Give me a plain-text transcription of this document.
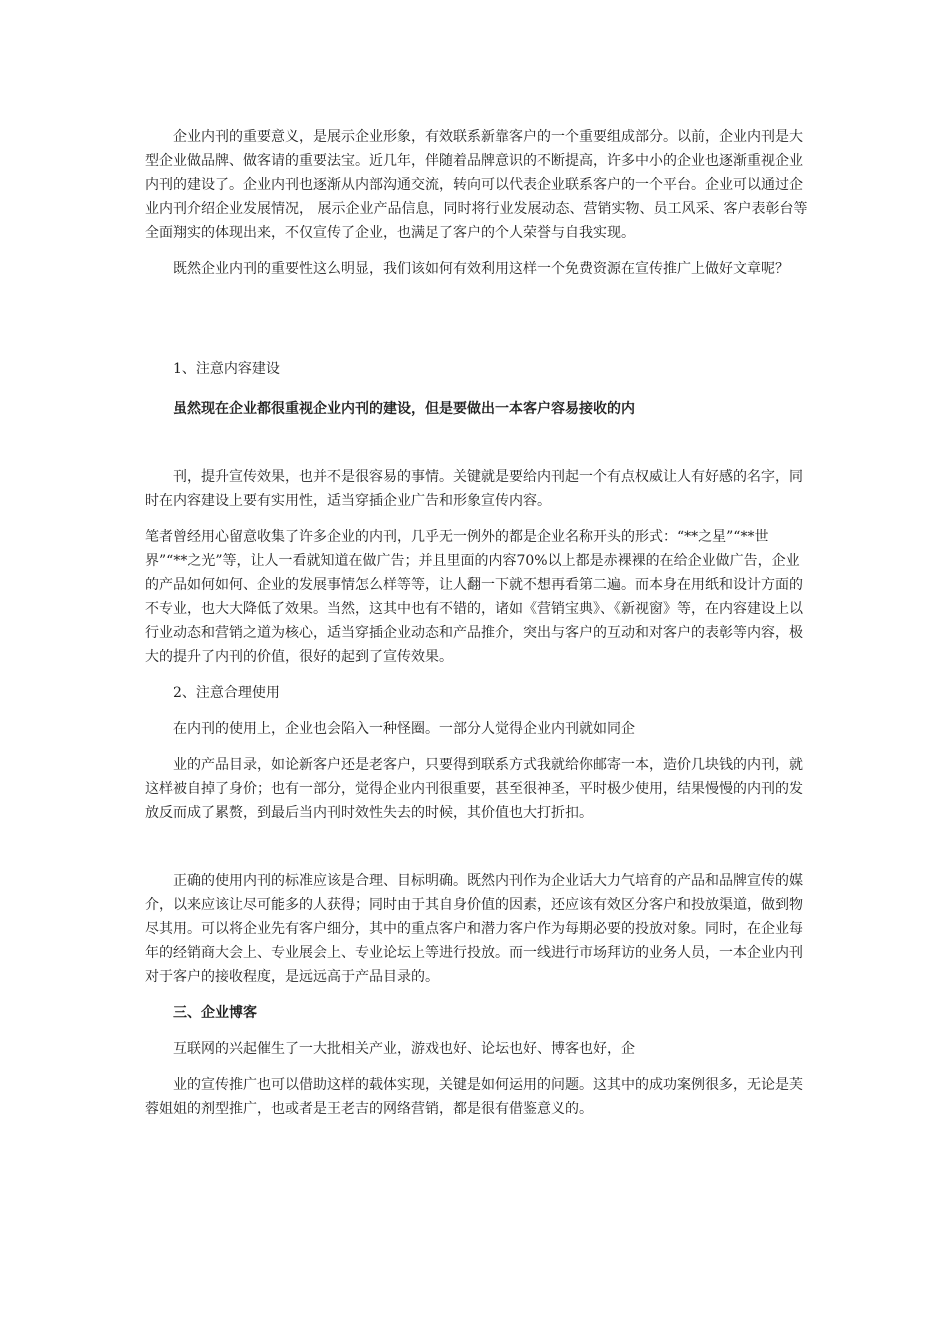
企业内刊的重要意义，是展示企业形象，有效联系新靠客户的一个重要组成部分。以前，企业内刊是大型企业做品牌、做客请的重要法宝。近几年，伴随着品牌意识的不断提高，许多中小的企业也逐渐重视企业内刊的建设了。企业内刊也逐渐从内部沟通交流，转向可以代表企业联系客户的一个平台。企业可以通过企业内刊介绍企业发展情况， 展示企业产品信息，同时将行业发展动态、营销实物、员工风采、客户表彰台等全面翔实的体现出来，不仅宣传了企业，也满足了客户的个人荣誉与自我实现。

既然企业内刊的重要性这么明显，我们该如何有效利用这样一个免费资源在宣传推广上做好文章呢？

1、注意内容建设

虽然现在企业都很重视企业内刊的建设，但是要做出一本客户容易接收的内

刊，提升宣传效果，也并不是很容易的事情。关键就是要给内刊起一个有点权威让人有好感的名字，同时在内容建设上要有实用性，适当穿插企业广告和形象宣传内容。

笔者曾经用心留意收集了许多企业的内刊，几乎无一例外的都是企业名称开头的形式：“**之星”“**世界”“**之光”等，让人一看就知道在做广告；并且里面的内容70%以上都是赤裸裸的在给企业做广告，企业的产品如何如何、企业的发展事情怎么样等等，让人翻一下就不想再看第二遍。而本身在用纸和设计方面的不专业，也大大降低了效果。当然，这其中也有不错的，诸如《营销宝典》、《新视窗》等，在内容建设上以行业动态和营销之道为核心，适当穿插企业动态和产品推介，突出与客户的互动和对客户的表彰等内容，极大的提升了内刊的价值，很好的起到了宣传效果。

2、注意合理使用

在内刊的使用上，企业也会陷入一种怪圈。一部分人觉得企业内刊就如同企

业的产品目录，如论新客户还是老客户，只要得到联系方式我就给你邮寄一本，造价几块钱的内刊，就这样被自掉了身价；也有一部分，觉得企业内刊很重要，甚至很神圣，平时极少使用，结果慢慢的内刊的发放反而成了累赘，到最后当内刊时效性失去的时候，其价值也大打折扣。

正确的使用内刊的标准应该是合理、目标明确。既然内刊作为企业话大力气培育的产品和品牌宣传的媒介，以来应该让尽可能多的人获得；同时由于其自身价值的因素，还应该有效区分客户和投放渠道，做到物尽其用。可以将企业先有客户细分，其中的重点客户和潜力客户作为每期必要的投放对象。同时，在企业每年的经销商大会上、专业展会上、专业论坛上等进行投放。而一线进行市场拜访的业务人员，一本企业内刊对于客户的接收程度，是远远高于产品目录的。

三、企业博客

互联网的兴起催生了一大批相关产业，游戏也好、论坛也好、博客也好，企

业的宣传推广也可以借助这样的载体实现，关键是如何运用的问题。这其中的成功案例很多，无论是芙蓉姐姐的剂型推广，也或者是王老吉的网络营销，都是很有借鉴意义的。
